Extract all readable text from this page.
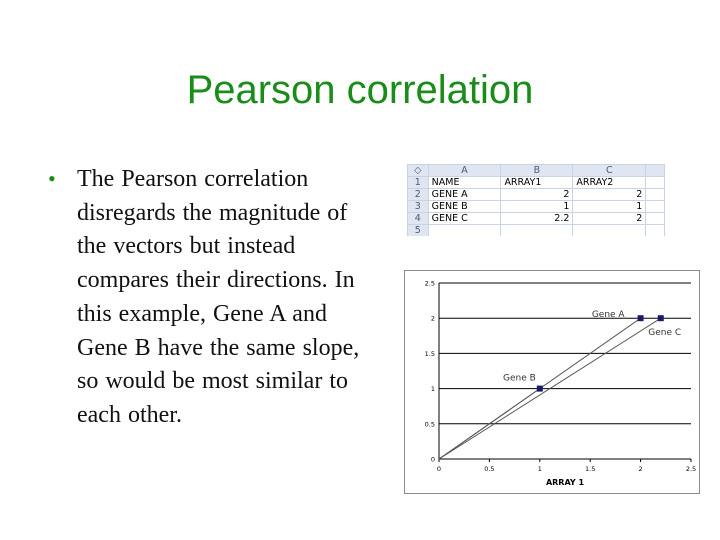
Pearson correlation
• The Pearson correlation disregards the magnitude of the vectors but instead compares their directions. In this example, Gene A and Gene B have the same slope, so would be most similar to each other.
◇	A	B	C	
1	NAME	ARRAY1	ARRAY2	
2	GENE A	2	2	
3	GENE B	1	1	
4	GENE C	2.2	2	
5				
0
0.5
1
1.5
2
2.5
0	0.5	1	1.5	2	2.5
ARRAY 1
Gene A
Gene B
Gene C
